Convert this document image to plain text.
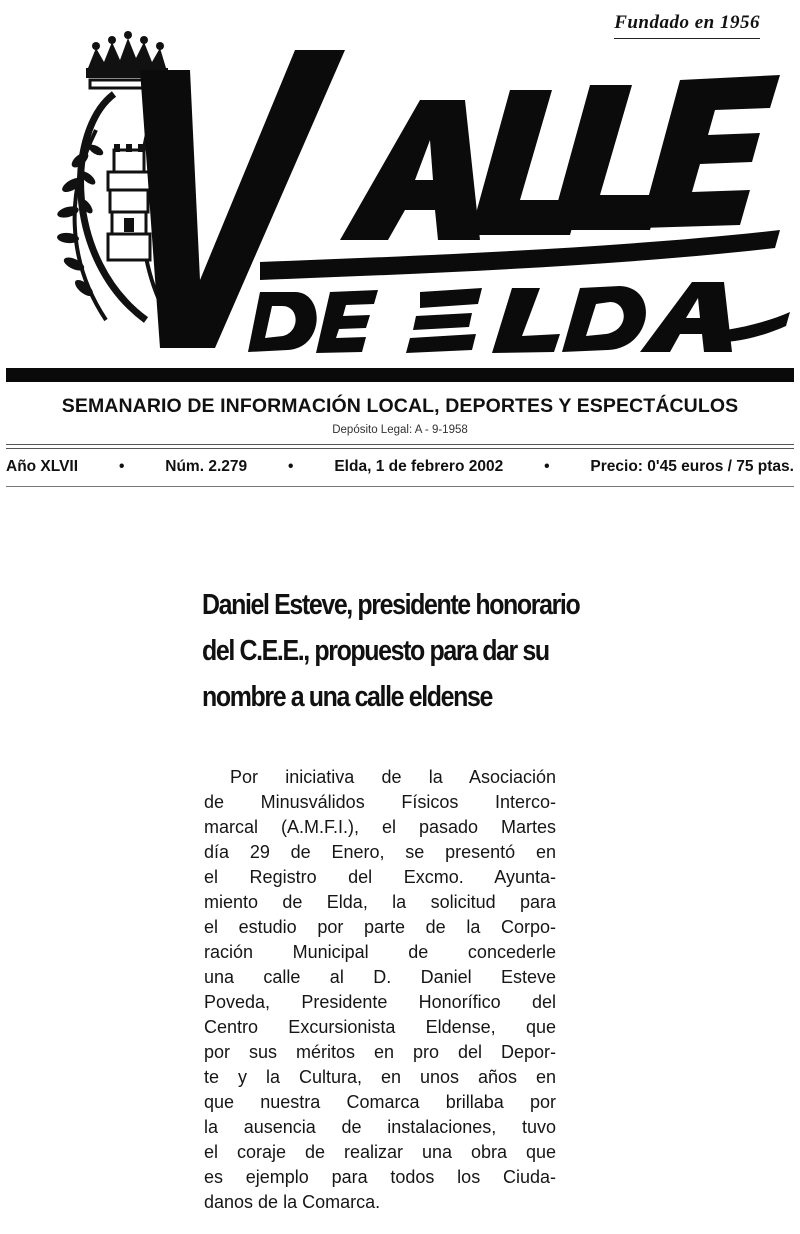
Fundado en 1956
SEMANARIO DE INFORMACIÓN LOCAL, DEPORTES Y ESPECTÁCULOS
Depósito Legal: A - 9-1958
Año XLVII	•	Núm. 2.279	•	Elda, 1 de febrero 2002	•	Precio: 0'45 euros / 75 ptas.
Daniel Esteve, presidente honorario
del C.E.E., propuesto para dar su
nombre a una calle eldense
Por iniciativa de la Asociación
de Minusválidos Físicos Interco-
marcal (A.M.F.I.), el pasado Martes
día 29 de Enero, se presentó en
el Registro del Excmo. Ayunta-
miento de Elda, la solicitud para
el estudio por parte de la Corpo-
ración Municipal de concederle
una calle al D. Daniel Esteve
Poveda, Presidente Honorífico del
Centro Excursionista Eldense, que
por sus méritos en pro del Depor-
te y la Cultura, en unos años en
que nuestra Comarca brillaba por
la ausencia de instalaciones, tuvo
el coraje de realizar una obra que
es ejemplo para todos los Ciuda-
danos de la Comarca.
